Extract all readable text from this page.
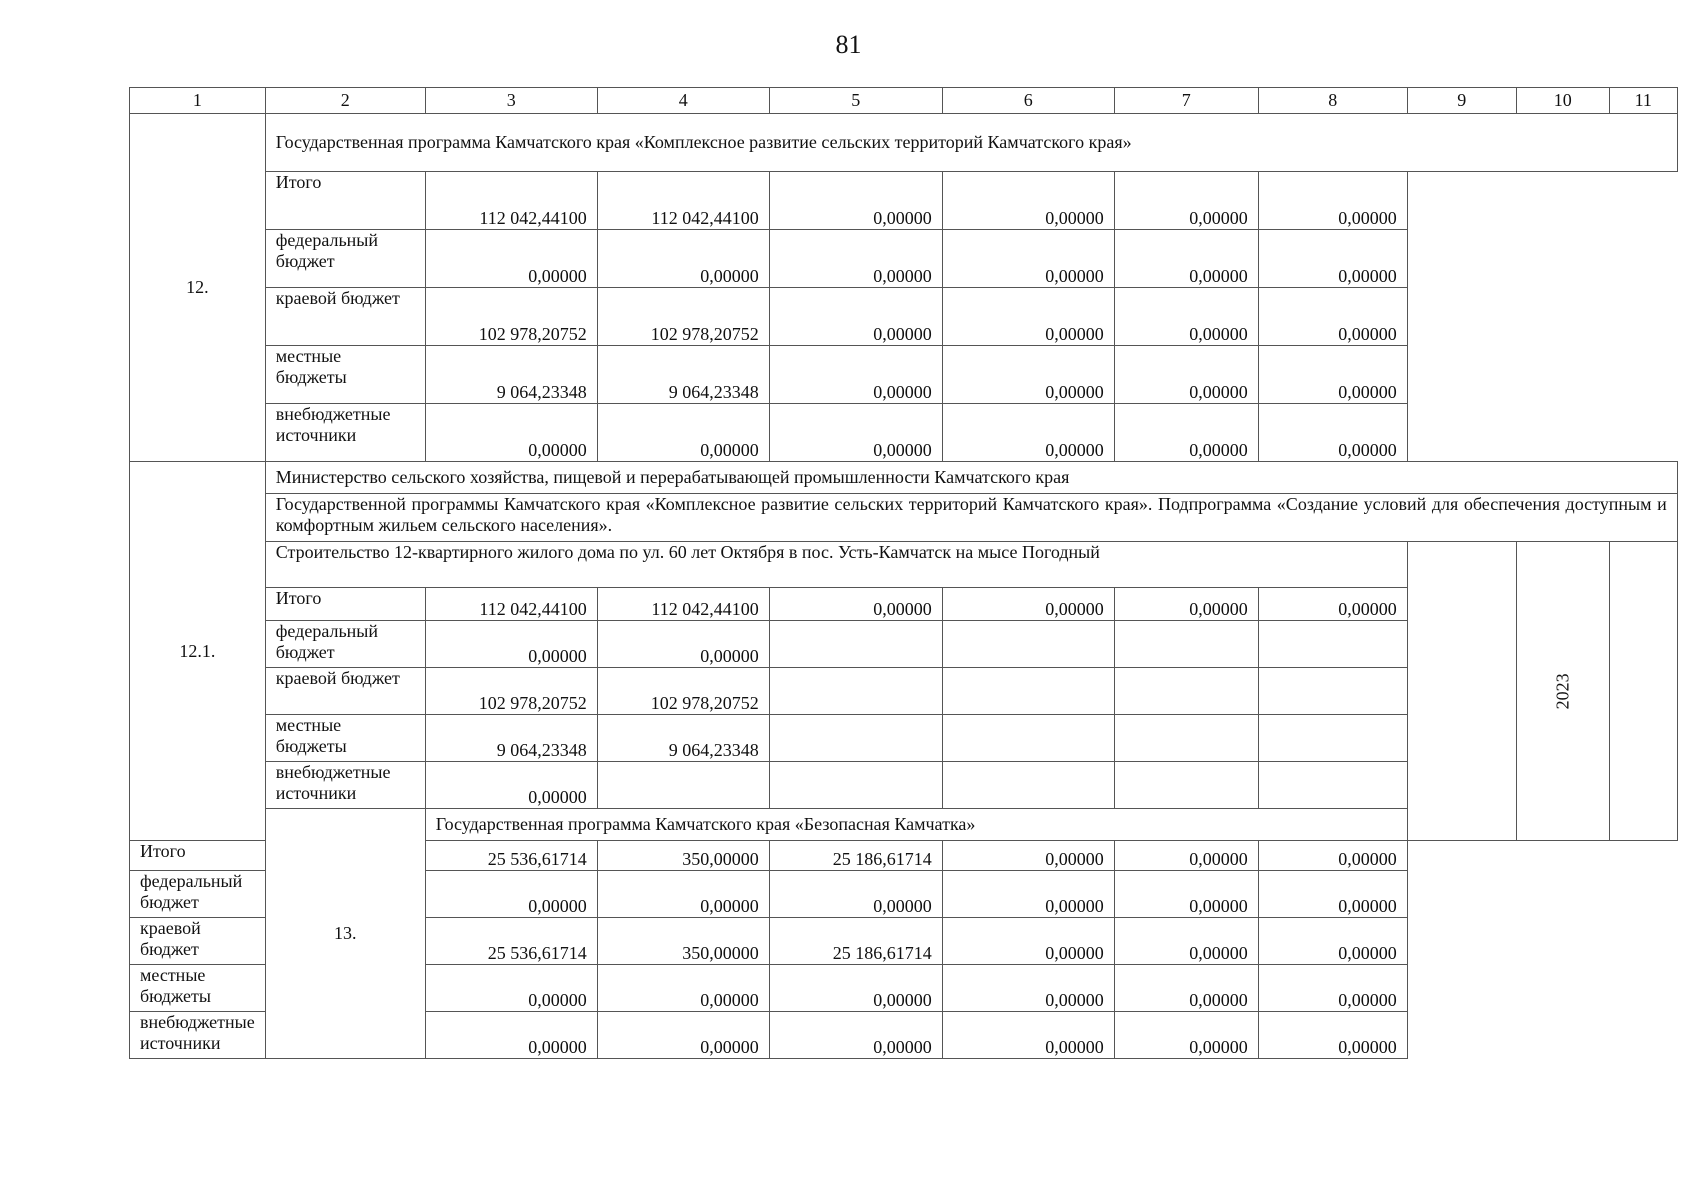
81
1	2	3	4	5	6	7	8	9	10	11
12.	Государственная программа Камчатского края «Комплексное развитие сельских территорий Камчатского края»									
	Итого	112 042,44100	112 042,44100	0,00000	0,00000	0,00000	0,00000			
	федеральный бюджет	0,00000	0,00000	0,00000	0,00000	0,00000	0,00000			
	краевой бюджет	102 978,20752	102 978,20752	0,00000	0,00000	0,00000	0,00000			
	местные бюджеты	9 064,23348	9 064,23348	0,00000	0,00000	0,00000	0,00000			
	внебюджетные источники	0,00000	0,00000	0,00000	0,00000	0,00000	0,00000			
12.1.	Министерство сельского хозяйства, пищевой и перерабатывающей промышленности Камчатского края									
	Государственной программы Камчатского края «Комплексное развитие сельских территорий Камчатского края». Подпрограмма «Создание условий для обеспечения доступным и комфортным жильем сельского населения».									
	Строительство 12-квартирного жилого дома по ул. 60 лет Октября в пос. Усть-Камчатск на мысе Погодный								2023	
	Итого	112 042,44100	112 042,44100	0,00000	0,00000	0,00000	0,00000			
	федеральный бюджет	0,00000	0,00000							
	краевой бюджет	102 978,20752	102 978,20752							
	местные бюджеты	9 064,23348	9 064,23348							
	внебюджетные источники	0,00000								
	13.	Государственная программа Камчатского края «Безопасная Камчатка»								
Итого		25 536,61714	350,00000	25 186,61714	0,00000	0,00000	0,00000			
федеральный бюджет		0,00000	0,00000	0,00000	0,00000	0,00000	0,00000			
краевой бюджет		25 536,61714	350,00000	25 186,61714	0,00000	0,00000	0,00000			
местные бюджеты		0,00000	0,00000	0,00000	0,00000	0,00000	0,00000			
внебюджетные источники		0,00000	0,00000	0,00000	0,00000	0,00000	0,00000			
